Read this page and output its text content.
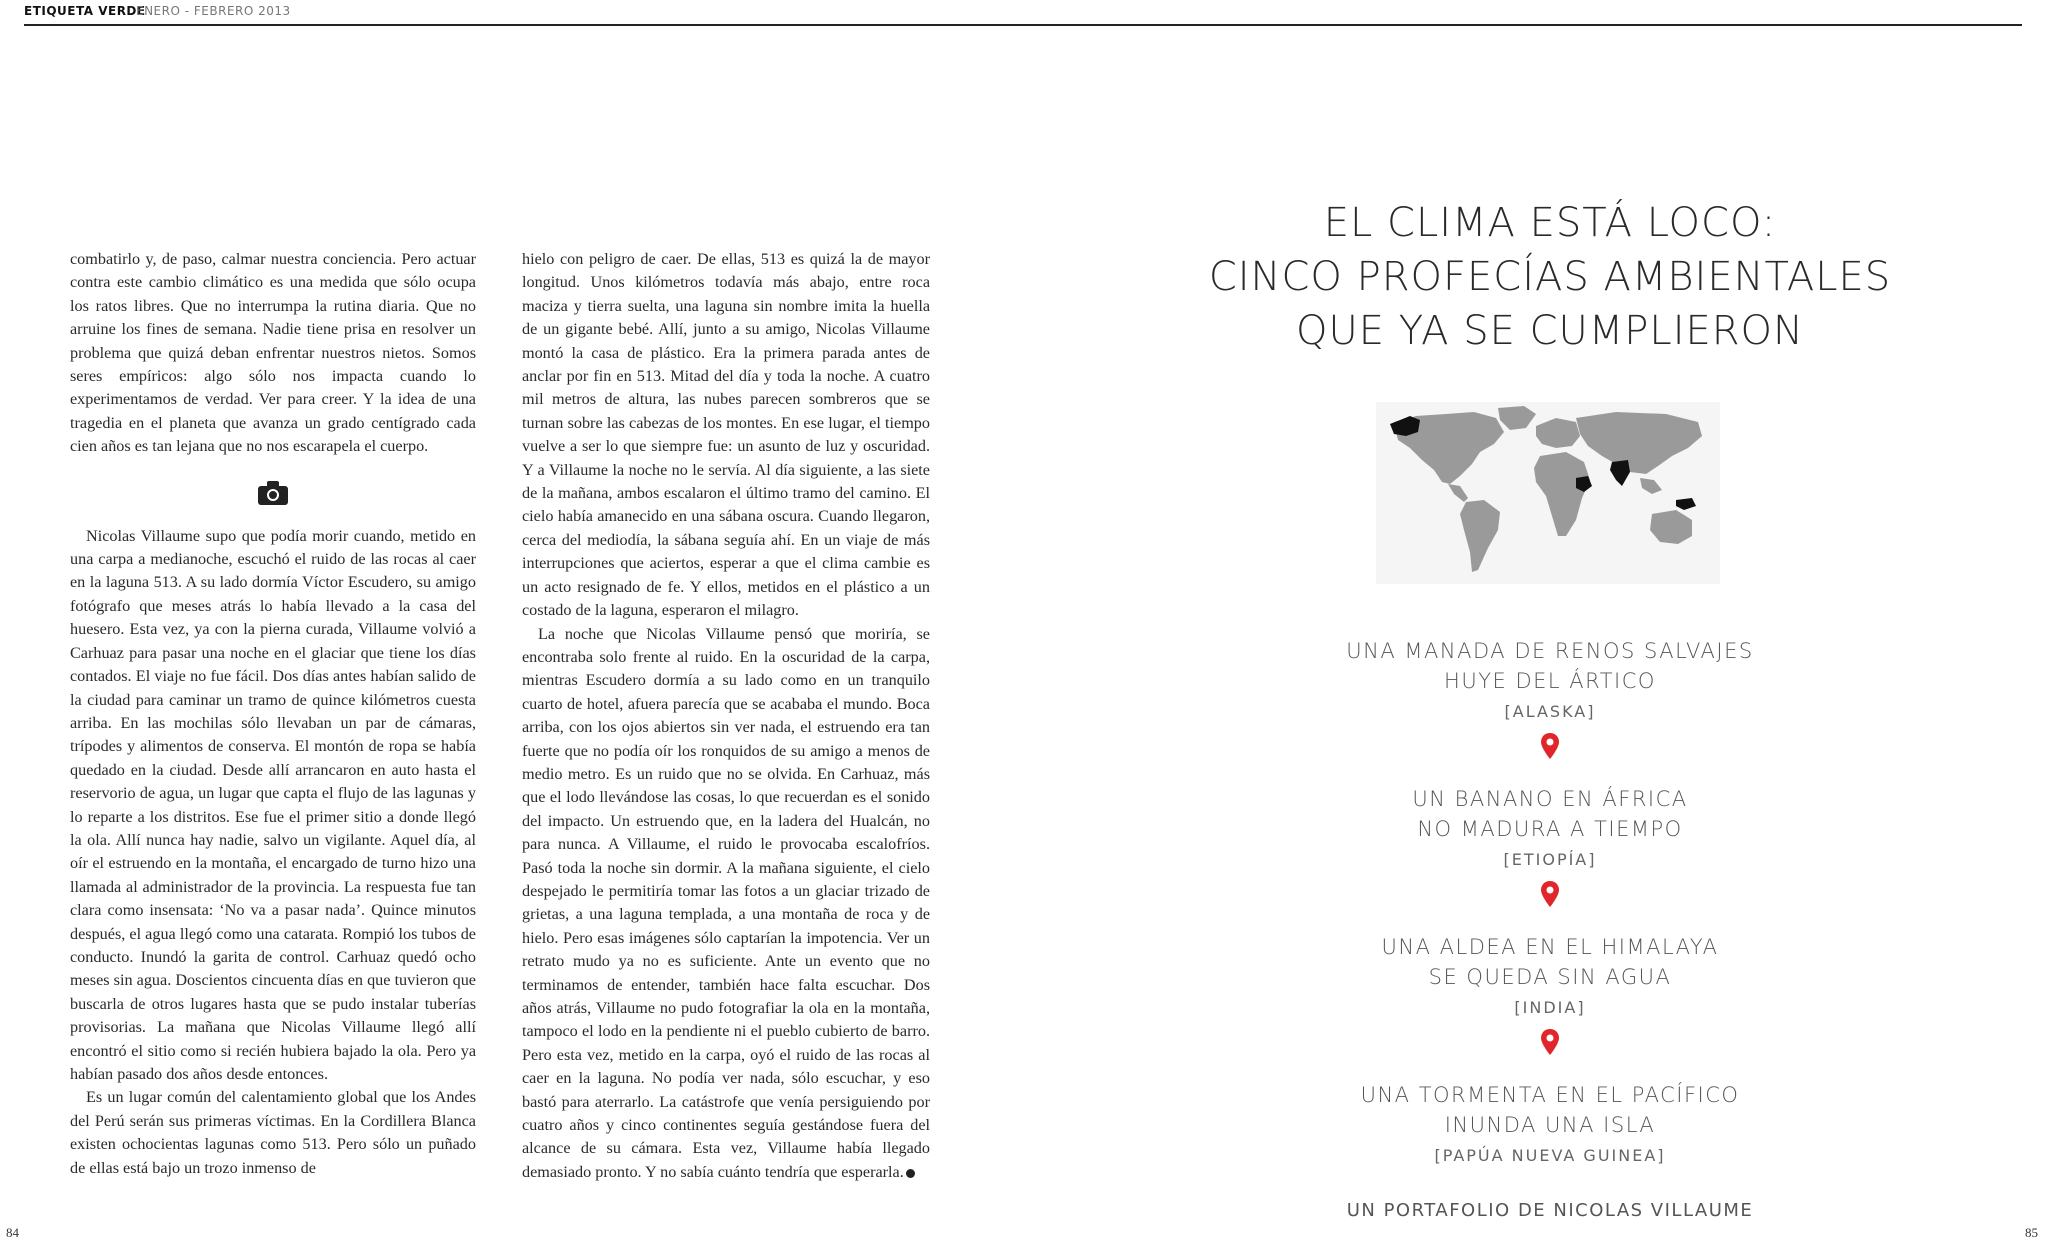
ETIQUETA VERDE
ENERO - FEBRERO 2013

combatirlo y, de paso, calmar nuestra conciencia. Pero actuar contra este cambio climático es una medida que sólo ocupa los ratos libres. Que no interrumpa la rutina diaria. Que no arruine los fines de semana. Nadie tiene prisa en resolver un problema que quizá deban enfrentar nuestros nietos. Somos seres empíricos: algo sólo nos impacta cuando lo experimentamos de verdad. Ver para creer. Y la idea de una tragedia en el planeta que avanza un grado centígrado cada cien años es tan lejana que no nos escarapela el cuerpo.

Nicolas Villaume supo que podía morir cuando, metido en una carpa a medianoche, escuchó el ruido de las rocas al caer en la laguna 513. A su lado dormía Víctor Escudero, su amigo fotógrafo que meses atrás lo había llevado a la casa del huesero. Esta vez, ya con la pierna curada, Villaume volvió a Carhuaz para pasar una noche en el glaciar que tiene los días contados. El viaje no fue fácil. Dos días antes habían salido de la ciudad para caminar un tramo de quince kilómetros cuesta arriba. En las mochilas sólo llevaban un par de cámaras, trípodes y alimentos de conserva. El montón de ropa se había quedado en la ciudad. Desde allí arrancaron en auto hasta el reservorio de agua, un lugar que capta el flujo de las lagunas y lo reparte a los distritos. Ese fue el primer sitio a donde llegó la ola. Allí nunca hay nadie, salvo un vigilante. Aquel día, al oír el estruendo en la montaña, el encargado de turno hizo una llamada al administrador de la provincia. La respuesta fue tan clara como insensata: ‘No va a pasar nada’. Quince minutos después, el agua llegó como una catarata. Rompió los tubos de conducto. Inundó la garita de control. Carhuaz quedó ocho meses sin agua. Doscientos cincuenta días en que tuvieron que buscarla de otros lugares hasta que se pudo instalar tuberías provisorias. La mañana que Nicolas Villaume llegó allí encontró el sitio como si recién hubiera bajado la ola. Pero ya habían pasado dos años desde entonces.

Es un lugar común del calentamiento global que los Andes del Perú serán sus primeras víctimas. En la Cordillera Blanca existen ochocientas lagunas como 513. Pero sólo un puñado de ellas está bajo un trozo inmenso de

hielo con peligro de caer. De ellas, 513 es quizá la de mayor longitud. Unos kilómetros todavía más abajo, entre roca maciza y tierra suelta, una laguna sin nombre imita la huella de un gigante bebé. Allí, junto a su amigo, Nicolas Villaume montó la casa de plástico. Era la primera parada antes de anclar por fin en 513. Mitad del día y toda la noche. A cuatro mil metros de altura, las nubes parecen sombreros que se turnan sobre las cabezas de los montes. En ese lugar, el tiempo vuelve a ser lo que siempre fue: un asunto de luz y oscuridad. Y a Villaume la noche no le servía. Al día siguiente, a las siete de la mañana, ambos escalaron el último tramo del camino. El cielo había amanecido en una sábana oscura. Cuando llegaron, cerca del mediodía, la sábana seguía ahí. En un viaje de más interrupciones que aciertos, esperar a que el clima cambie es un acto resignado de fe. Y ellos, metidos en el plástico a un costado de la laguna, esperaron el milagro.

La noche que Nicolas Villaume pensó que moriría, se encontraba solo frente al ruido. En la oscuridad de la carpa, mientras Escudero dormía a su lado como en un tranquilo cuarto de hotel, afuera parecía que se acababa el mundo. Boca arriba, con los ojos abiertos sin ver nada, el estruendo era tan fuerte que no podía oír los ronquidos de su amigo a menos de medio metro. Es un ruido que no se olvida. En Carhuaz, más que el lodo llevándose las cosas, lo que recuerdan es el sonido del impacto. Un estruendo que, en la ladera del Hualcán, no para nunca. A Villaume, el ruido le provocaba escalofríos. Pasó toda la noche sin dormir. A la mañana siguiente, el cielo despejado le permitiría tomar las fotos a un glaciar trizado de grietas, a una laguna templada, a una montaña de roca y de hielo. Pero esas imágenes sólo captarían la impotencia. Ver un retrato mudo ya no es suficiente. Ante un evento que no terminamos de entender, también hace falta escuchar. Dos años atrás, Villaume no pudo fotografiar la ola en la montaña, tampoco el lodo en la pendiente ni el pueblo cubierto de barro. Pero esta vez, metido en la carpa, oyó el ruido de las rocas al caer en la laguna. No podía ver nada, sólo escuchar, y eso bastó para aterrarlo. La catástrofe que venía persiguiendo por cuatro años y cinco continentes seguía gestándose fuera del alcance de su cámara. Esta vez, Villaume había llegado demasiado pronto. Y no sabía cuánto tendría que esperarla.

84	85
EL CLIMA ESTÁ LOCO:
CINCO PROFECÍAS AMBIENTALES
QUE YA SE CUMPLIERON
UNA MANADA DE RENOS SALVAJES
HUYE DEL ÁRTICO
[ALASKA]
UN BANANO EN ÁFRICA
NO MADURA A TIEMPO
[ETIOPÍA]
UNA ALDEA EN EL HIMALAYA
SE QUEDA SIN AGUA
[INDIA]
UNA TORMENTA EN EL PACÍFICO
INUNDA UNA ISLA
[PAPÚA NUEVA GUINEA]
UN PORTAFOLIO DE NICOLAS VILLAUME
